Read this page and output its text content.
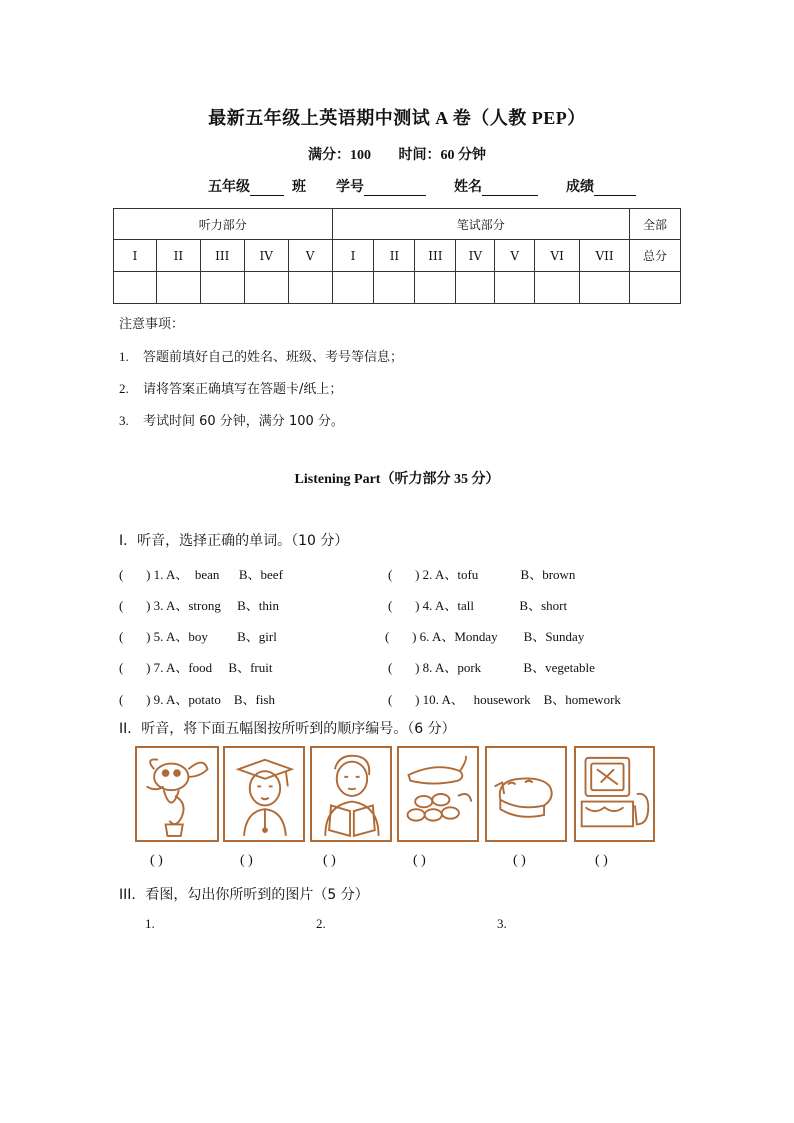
最新五年级上英语期中测试 A 卷（人教 PEP）
满分：100 时间：60 分钟
五年级	班 学号	姓名	成绩
听力部分					笔试部分							全部
I	II	III	IV	V	I	II	III	IV	V	VI	VII	总分

注意事项：
1. 答题前填好自己的姓名、班级、考号等信息；
2. 请将答案正确填写在答题卡/纸上；
3. 考试时间 60 分钟，满分 100 分。
Listening Part（听力部分 35 分）
I．听音，选择正确的单词。（10 分）
(       ) 1. A、  bean      B、beef	(       ) 2. A、tofu             B、brown
(       ) 3. A、strong     B、thin	(       ) 4. A、tall              B、short
(       ) 5. A、boy         B、girl	(       ) 6. A、Monday        B、Sunday
(       ) 7. A、food     B、fruit	(       ) 8. A、pork             B、vegetable
(       ) 9. A、potato    B、fish	(       ) 10. A、   housework    B、homework
II．听音，将下面五幅图按所听到的顺序编号。（6 分）
( )	( )	( )	( )	( )	( )
III．看图，勾出你所听到的图片（5 分）
1.	2.	3.
